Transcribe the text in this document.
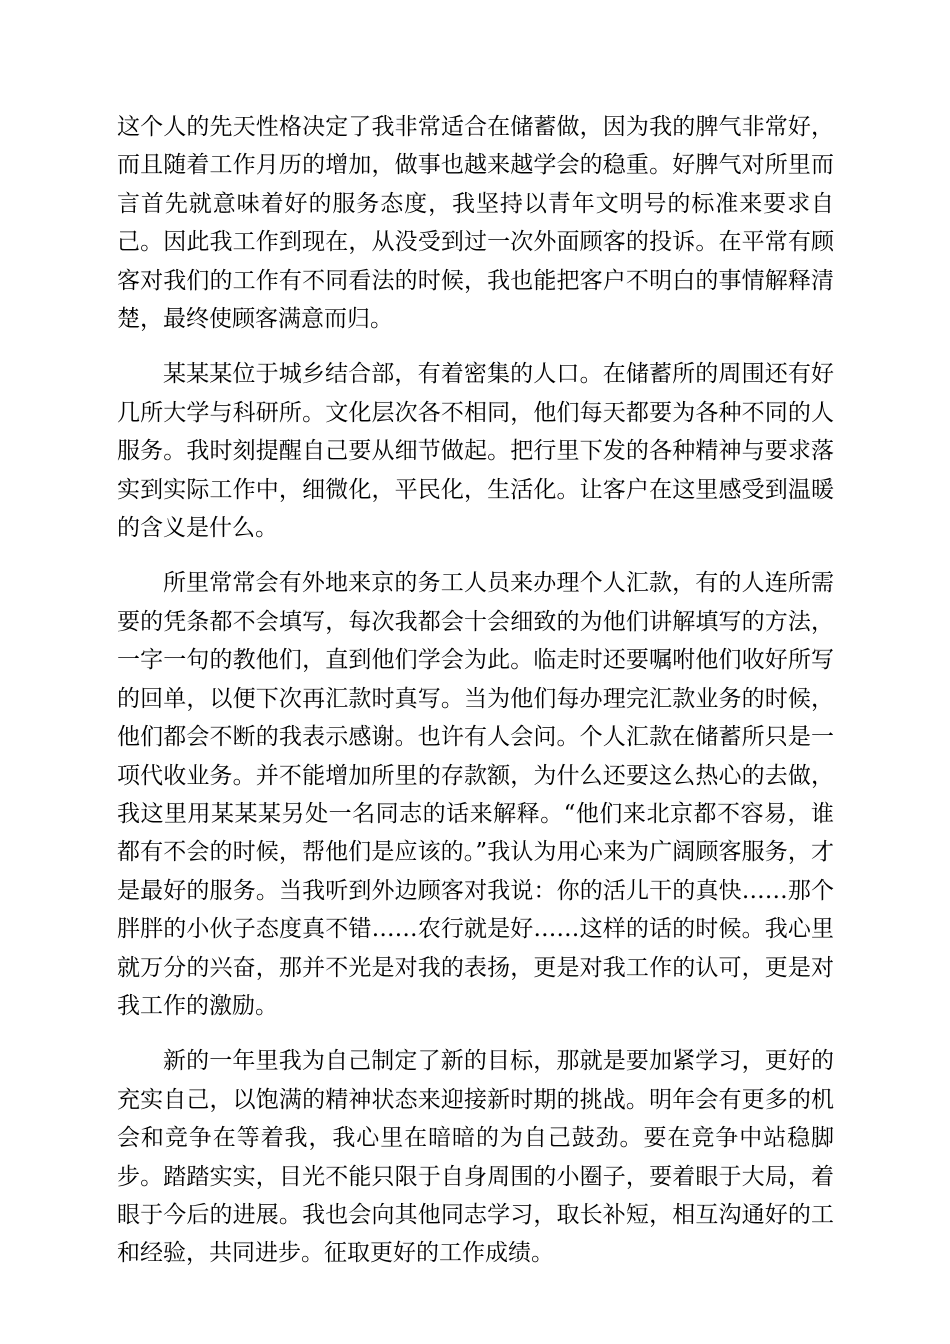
这个人的先天性格决定了我非常适合在储蓄做，因为我的脾气非常好，而且随着工作月历的增加，做事也越来越学会的稳重。好脾气对所里而言首先就意味着好的服务态度，我坚持以青年文明号的标准来要求自己。因此我工作到现在，从没受到过一次外面顾客的投诉。在平常有顾客对我们的工作有不同看法的时候，我也能把客户不明白的事情解释清楚，最终使顾客满意而归。

某某某位于城乡结合部，有着密集的人口。在储蓄所的周围还有好几所大学与科研所。文化层次各不相同，他们每天都要为各种不同的人服务。我时刻提醒自己要从细节做起。把行里下发的各种精神与要求落实到实际工作中，细微化，平民化，生活化。让客户在这里感受到温暖的含义是什么。

所里常常会有外地来京的务工人员来办理个人汇款，有的人连所需要的凭条都不会填写，每次我都会十会细致的为他们讲解填写的方法，一字一句的教他们，直到他们学会为此。临走时还要嘱咐他们收好所写的回单，以便下次再汇款时真写。当为他们每办理完汇款业务的时候，他们都会不断的我表示感谢。也许有人会问。个人汇款在储蓄所只是一项代收业务。并不能增加所里的存款额，为什么还要这么热心的去做，我这里用某某某另处一名同志的话来解释。“他们来北京都不容易，谁都有不会的时候，帮他们是应该的。”我认为用心来为广阔顾客服务，才是最好的服务。当我听到外边顾客对我说：你的活儿干的真快……那个胖胖的小伙子态度真不错……农行就是好……这样的话的时候。我心里就万分的兴奋，那并不光是对我的表扬，更是对我工作的认可，更是对我工作的激励。

新的一年里我为自己制定了新的目标，那就是要加紧学习，更好的充实自己，以饱满的精神状态来迎接新时期的挑战。明年会有更多的机会和竞争在等着我，我心里在暗暗的为自己鼓劲。要在竞争中站稳脚步。踏踏实实，目光不能只限于自身周围的小圈子，要着眼于大局，着眼于今后的进展。我也会向其他同志学习，取长补短，相互沟通好的工和经验，共同进步。征取更好的工作成绩。
